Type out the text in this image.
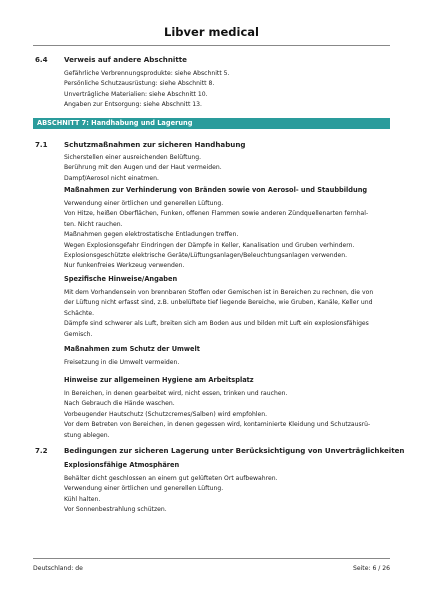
Libver medical
6.4 Verweis auf andere Abschnitte
Gefährliche Verbrennungsprodukte: siehe Abschnitt 5.
Persönliche Schutzausrüstung: siehe Abschnitt 8.
Unverträgliche Materialien: siehe Abschnitt 10.
Angaben zur Entsorgung: siehe Abschnitt 13.
ABSCHNITT 7: Handhabung und Lagerung
7.1 Schutzmaßnahmen zur sicheren Handhabung
Sicherstellen einer ausreichenden Belüftung.
Berührung mit den Augen und der Haut vermeiden.
Dampf/Aerosol nicht einatmen.
Maßnahmen zur Verhinderung von Bränden sowie von Aerosol- und Staubbildung
Verwendung einer örtlichen und generellen Lüftung.
Von Hitze, heißen Oberflächen, Funken, offenen Flammen sowie anderen Zündquellenarten fernhal-
ten. Nicht rauchen.
Maßnahmen gegen elektrostatische Entladungen treffen.
Wegen Explosionsgefahr Eindringen der Dämpfe in Keller, Kanalisation und Gruben verhindern.
Explosionsgeschützte elektrische Geräte/Lüftungsanlagen/Beleuchtungsanlagen verwenden.
Nur funkenfreies Werkzeug verwenden.
Spezifische Hinweise/Angaben
Mit dem Vorhandensein von brennbaren Stoffen oder Gemischen ist in Bereichen zu rechnen, die von
der Lüftung nicht erfasst sind, z.B. unbelüftete tief liegende Bereiche, wie Gruben, Kanäle, Keller und
Schächte.
Dämpfe sind schwerer als Luft, breiten sich am Boden aus und bilden mit Luft ein explosionsfähiges
Gemisch.
Maßnahmen zum Schutz der Umwelt
Freisetzung in die Umwelt vermeiden.
Hinweise zur allgemeinen Hygiene am Arbeitsplatz
In Bereichen, in denen gearbeitet wird, nicht essen, trinken und rauchen.
Nach Gebrauch die Hände waschen.
Vorbeugender Hautschutz (Schutzcremes/Salben) wird empfohlen.
Vor dem Betreten von Bereichen, in denen gegessen wird, kontaminierte Kleidung und Schutzausrü-
stung ablegen.
7.2 Bedingungen zur sicheren Lagerung unter Berücksichtigung von Unverträglichkeiten
Explosionsfähige Atmosphären
Behälter dicht geschlossen an einem gut gelüfteten Ort aufbewahren.
Verwendung einer örtlichen und generellen Lüftung.
Kühl halten.
Vor Sonnenbestrahlung schützen.
Deutschland: de	Seite: 6 / 26
